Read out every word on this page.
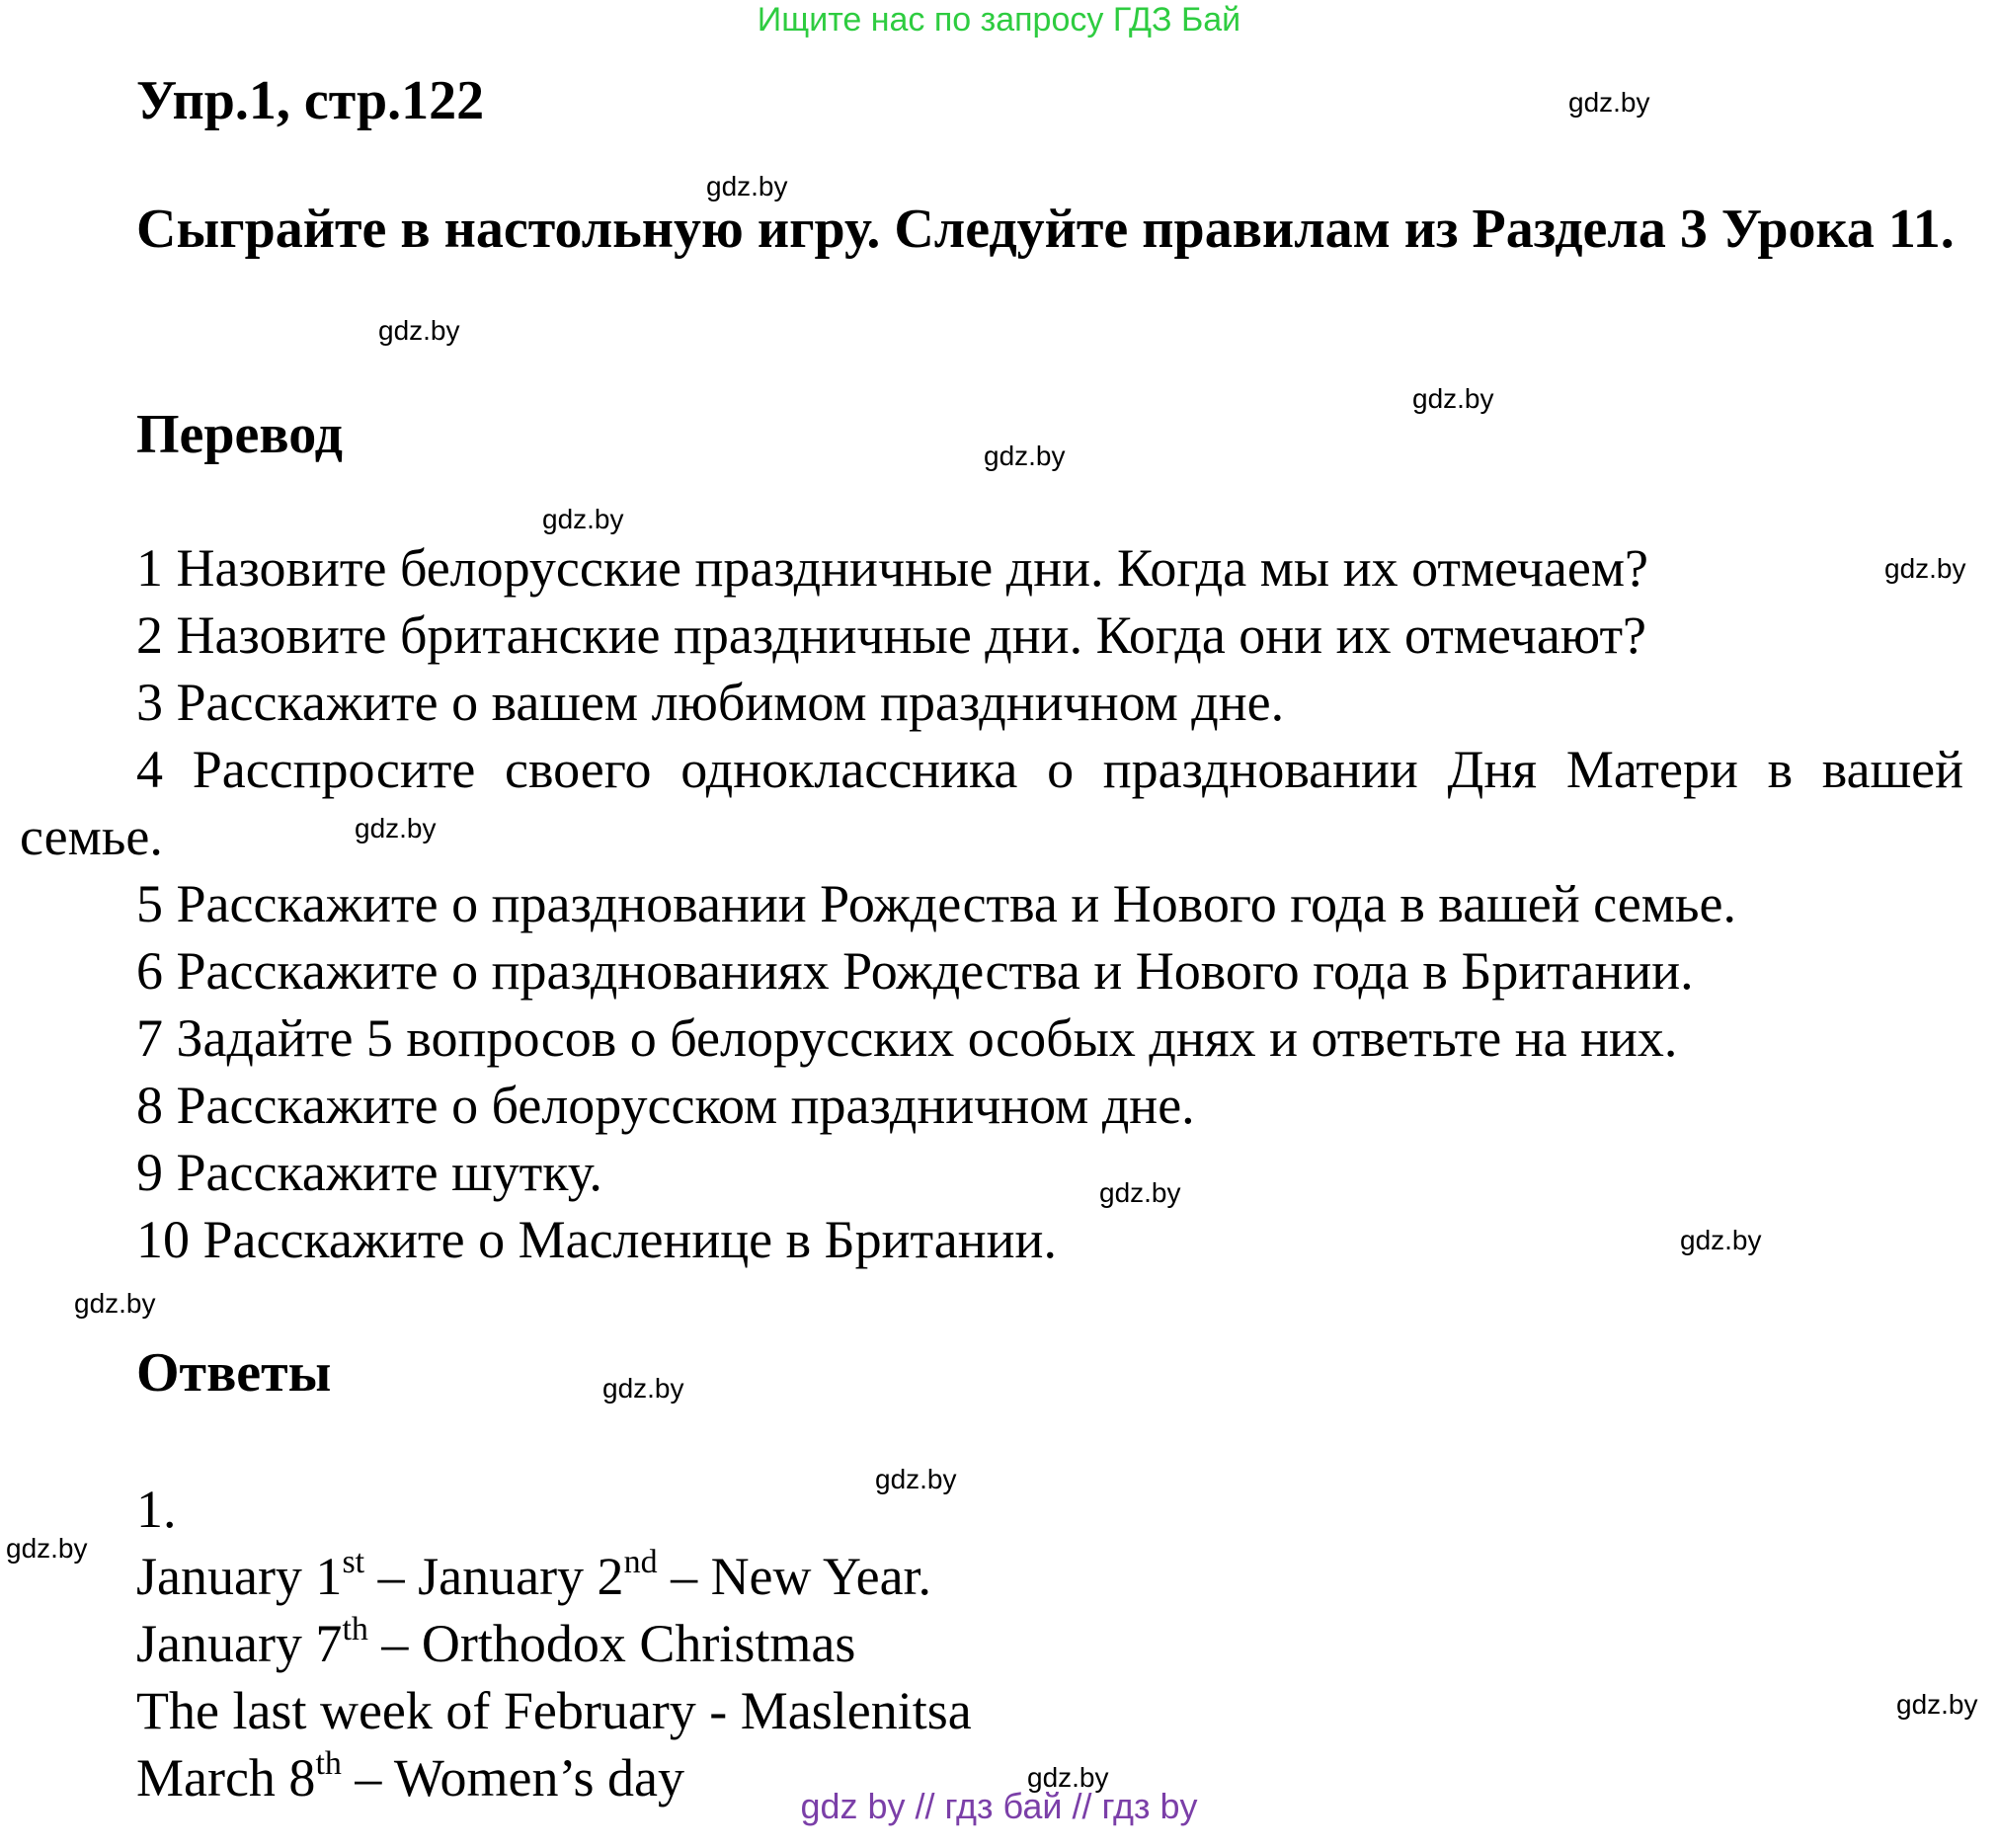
Ищите нас по запросу ГДЗ Бай
Упр.1, стр.122
Сыграйте в настольную игру. Следуйте правилам из Раздела 3 Урока 11.
Перевод
1 Назовите белорусские праздничные дни. Когда мы их отмечаем?
2 Назовите британские праздничные дни. Когда они их отмечают?
3 Расскажите о вашем любимом праздничном дне.
4 Расспросите своего одноклассника о праздновании Дня Матери в вашей семье.
5 Расскажите о праздновании Рождества и Нового года в вашей семье.
6 Расскажите о празднованиях Рождества и Нового года в Британии.
7 Задайте 5 вопросов о белорусских особых днях и ответьте на них.
8 Расскажите о белорусском праздничном дне.
9 Расскажите шутку.
10 Расскажите о Масленице в Британии.
Ответы
1.
January 1st – January 2nd – New Year.
January 7th – Orthodox Christmas
The last week of February - Maslenitsa
March 8th – Women’s day
gdz.by
gdz.by
gdz.by
gdz.by
gdz.by
gdz.by
gdz.by
gdz.by
gdz.by
gdz.by
gdz.by
gdz.by
gdz.by
gdz.by
gdz.by
gdz.by
gdz by // гдз бай // гдз by
